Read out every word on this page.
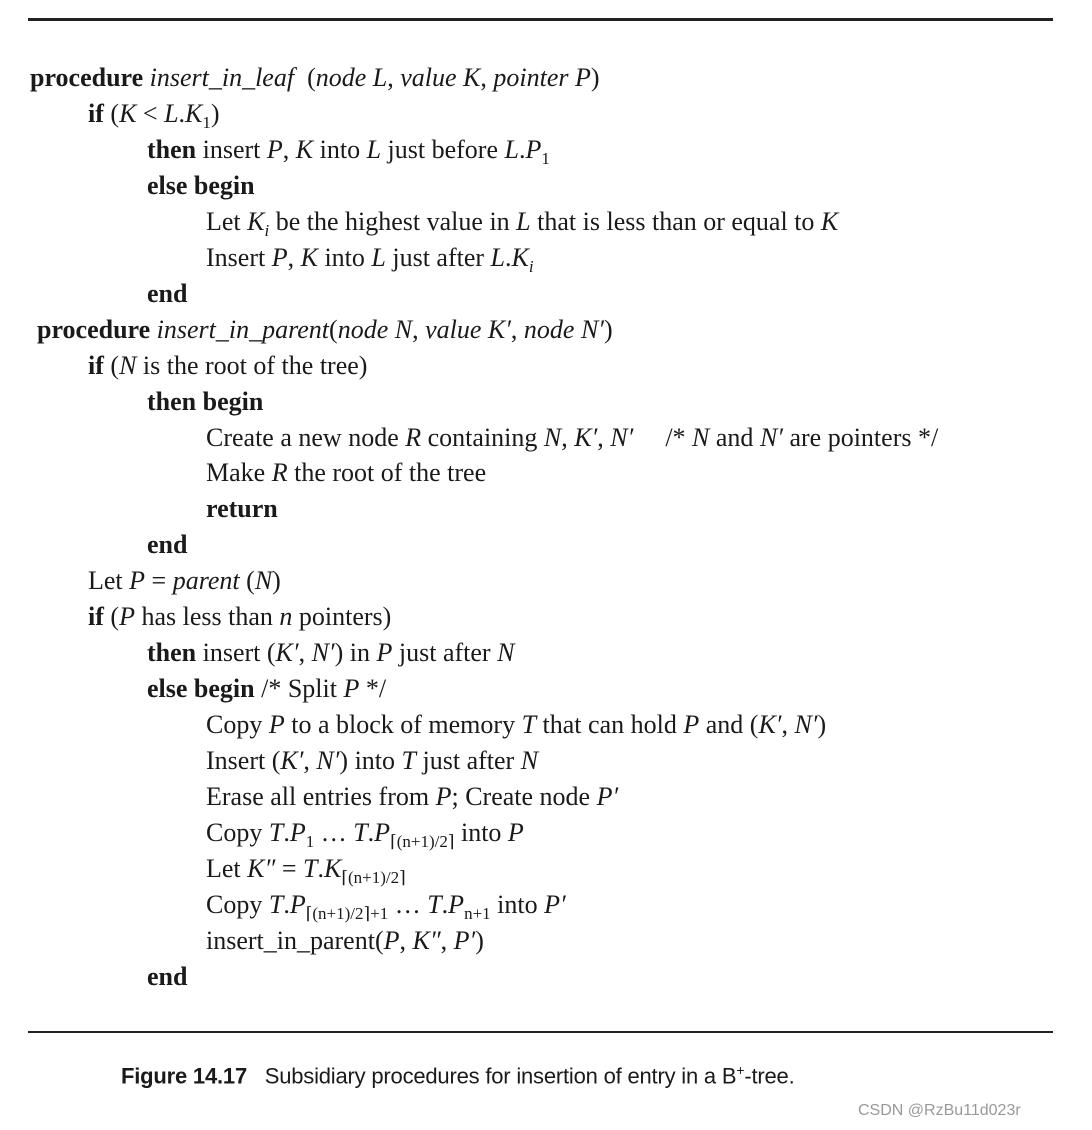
procedure insert_in_leaf  (node L, value K, pointer P)
if $(K < L.K_1)$
then insert P, K into L just before $L.P_1$
else begin
Let $K_i$ be the highest value in L that is less than or equal to K
Insert P, K into L just after $L.K_i$
end
procedure insert_in_parent(node N, value K′, node N′)
if (N is the root of the tree)
then begin
Create a new node R containing N, K′, N′ /* N and N′ are pointers */
Make R the root of the tree
return
end
Let P = parent (N)
if (P has less than n pointers)
then insert (K′, N′) in P just after N
else begin /* Split P */
Copy P to a block of memory T that can hold P and (K′, N′)
Insert (K′, N′) into T just after N
Erase all entries from P; Create node P′
Copy $T.P_1$ … $T.P_{⌈(n+1)/2⌉}$ into P
Let $K'' = T.K_{⌈(n+1)/2⌉}$
Copy $T.P_{⌈(n+1)/2⌉+1}$ … $T.P_{n+1}$ into P′
insert_in_parent(P, K″, P′)
end
Figure 14.17   Subsidiary procedures for insertion of entry in a B+-tree.
CSDN @RzBu11d023r
